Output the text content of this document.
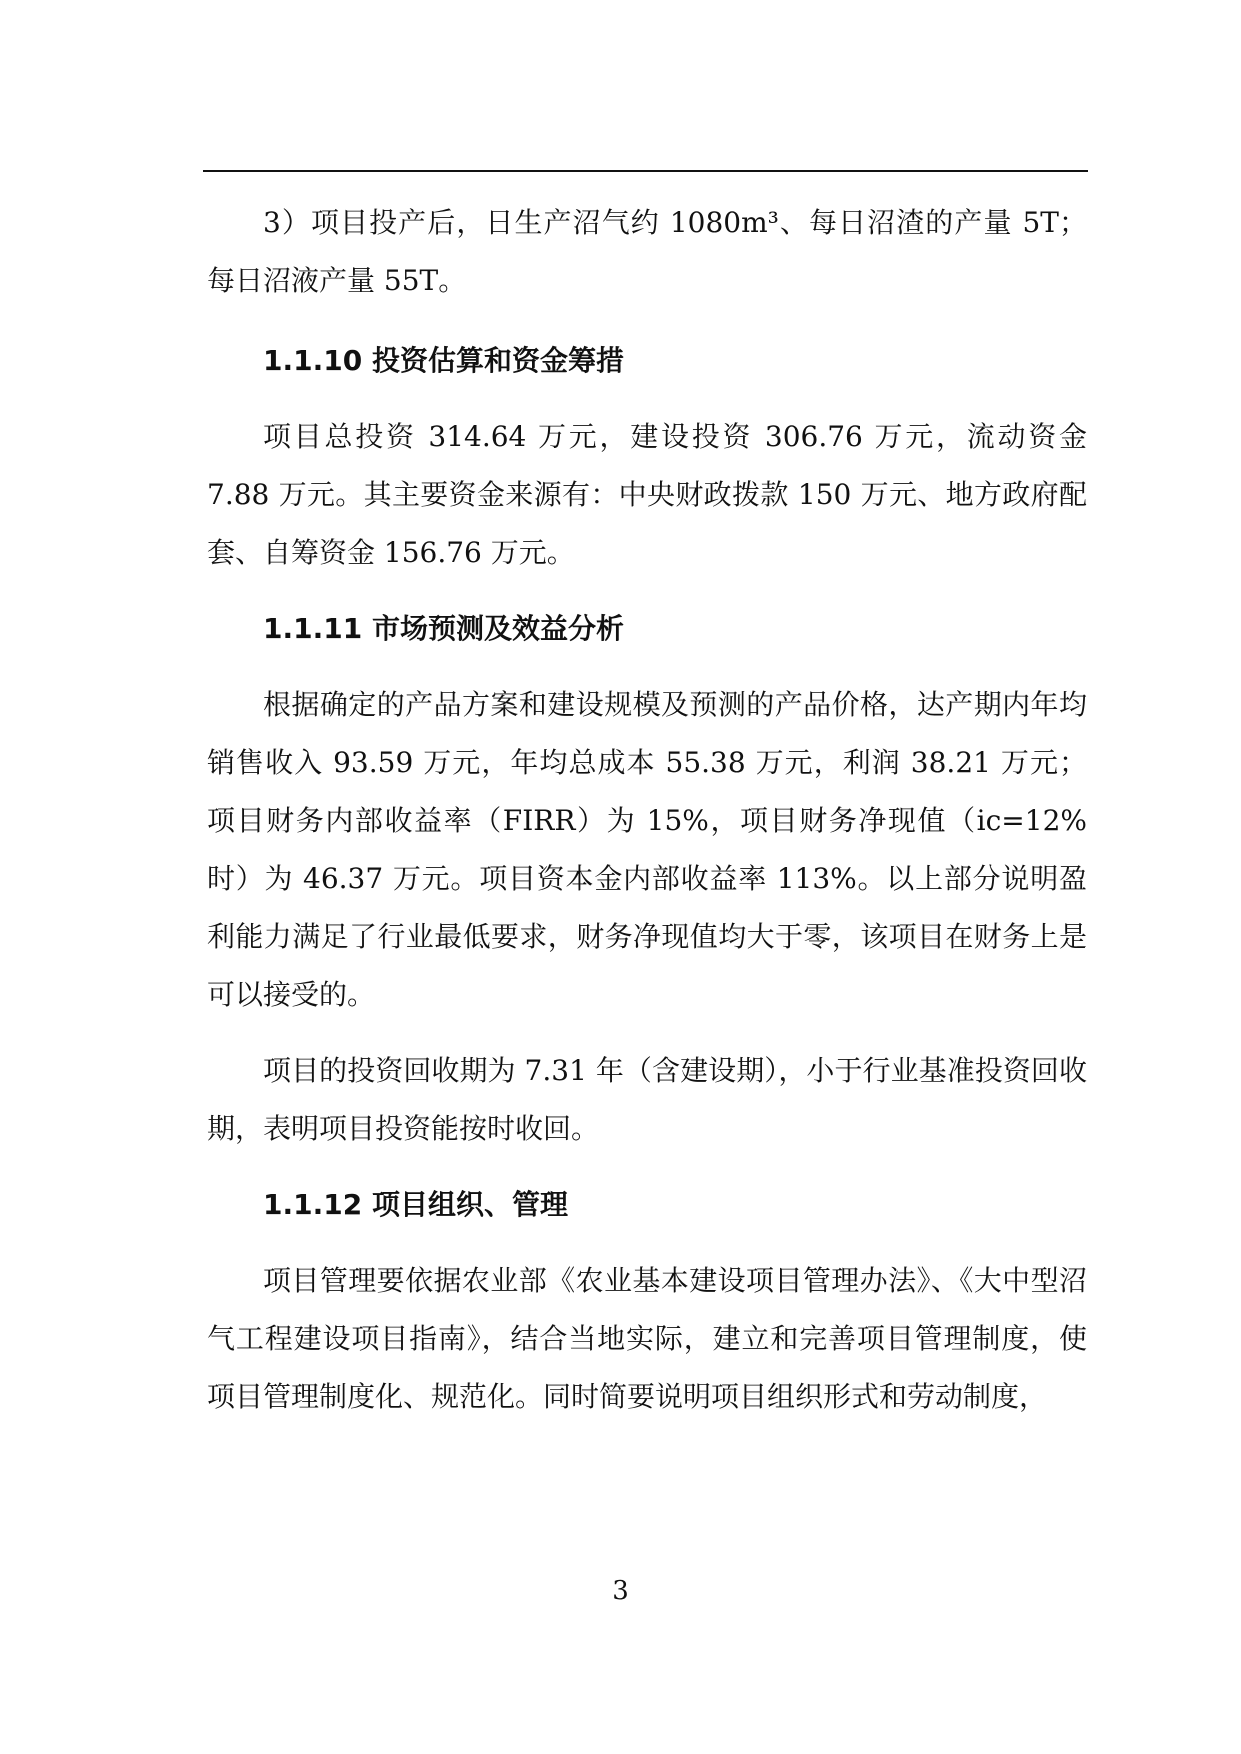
3）项目投产后，日生产沼气约 1080m³、每日沼渣的产量 5T；每日沼液产量 55T。

1.1.10 投资估算和资金筹措

项目总投资 314.64 万元，建设投资 306.76 万元，流动资金 7.88 万元。其主要资金来源有：中央财政拨款 150 万元、地方政府配套、自筹资金 156.76 万元。

1.1.11 市场预测及效益分析

根据确定的产品方案和建设规模及预测的产品价格，达产期内年均销售收入 93.59 万元，年均总成本 55.38 万元，利润 38.21 万元；项目财务内部收益率（FIRR）为 15%，项目财务净现值（ic=12%时）为 46.37 万元。项目资本金内部收益率 113%。以上部分说明盈利能力满足了行业最低要求，财务净现值均大于零，该项目在财务上是可以接受的。

项目的投资回收期为 7.31 年（含建设期），小于行业基准投资回收期，表明项目投资能按时收回。

1.1.12 项目组织、管理

项目管理要依据农业部《农业基本建设项目管理办法》、《大中型沼气工程建设项目指南》，结合当地实际，建立和完善项目管理制度，使项目管理制度化、规范化。同时简要说明项目组织形式和劳动制度，

3
